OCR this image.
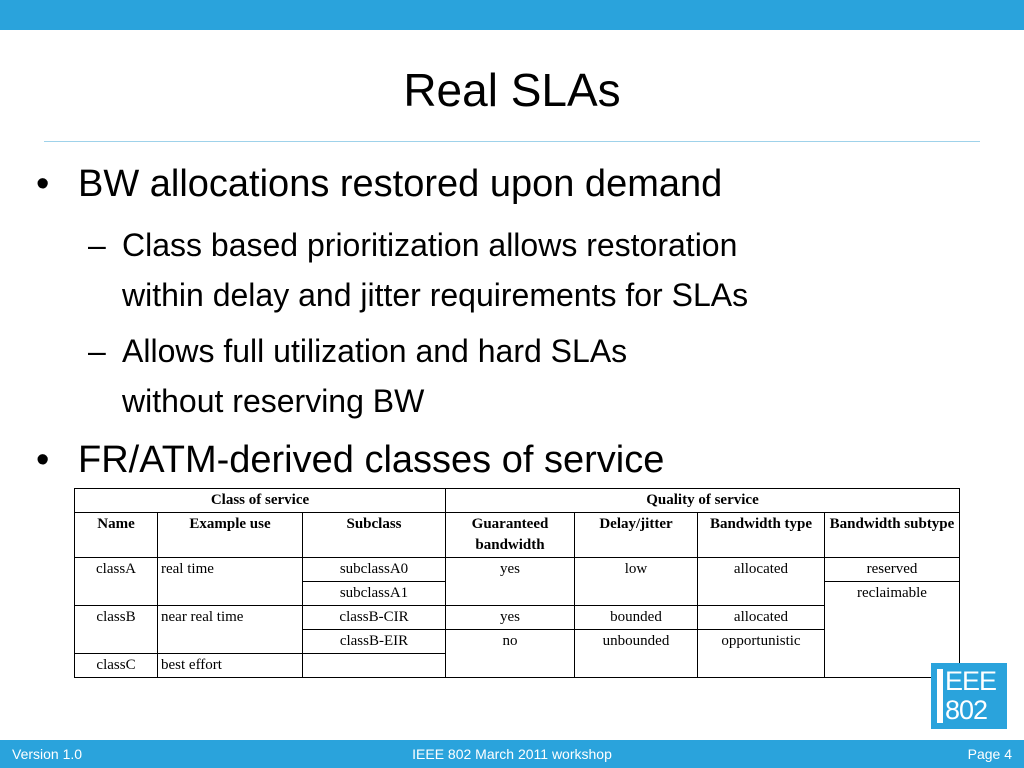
Real SLAs
• BW allocations restored upon demand
– Class based prioritization allows restoration
within delay and jitter requirements for SLAs
– Allows full utilization and hard SLAs
without reserving BW
• FR/ATM-derived classes of service
Class of service			Quality of service			
Name	Example use	Subclass	Guaranteed bandwidth	Delay/jitter	Bandwidth type	Bandwidth subtype
classA	real time	subclassA0	yes	low	allocated	reserved
		subclassA1				reclaimable
classB	near real time	classB-CIR	yes	bounded	allocated	
		classB-EIR	no	unbounded	opportunistic	
classC	best effort					
EEE
802
Version 1.0	IEEE 802 March 2011 workshop	Page 4
